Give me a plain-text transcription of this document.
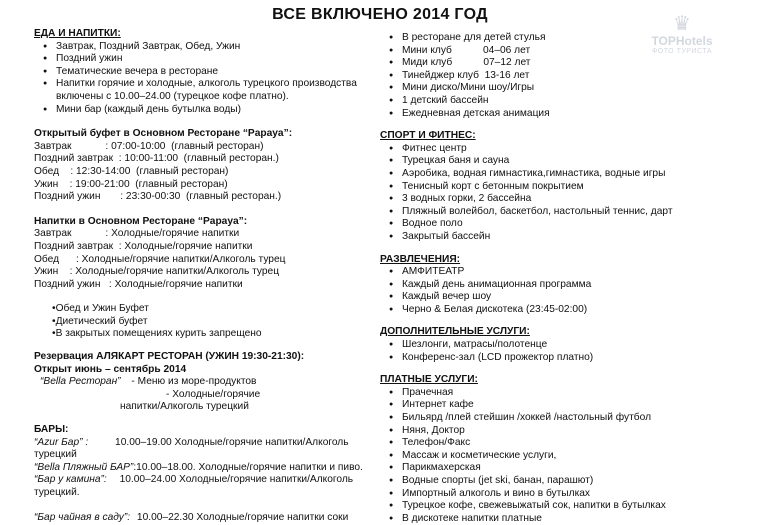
ВСЕ ВКЛЮЧЕНО 2014 ГОД	♛
TOPHotels
ФОТО ТУРИСТА
ЕДА И НАПИТКИ:
● Завтрак, Поздний Завтрак, Обед, Ужин
● Поздний ужин
● Тематические вечера в ресторане
● Напитки горячие и холодные, алкоголь турецкого производства включены с 10.00–24.00 (турецкое кофе платно).
● Мини бар (каждый день бутылка воды)
Открытый буфет в Основном Ресторане “Papaya”:
Завтрак            : 07:00-10:00  (главный ресторан)
Поздний завтрак  : 10:00-11:00  (главный ресторан.)
Обед    : 12:30-14:00  (главный ресторан)
Ужин    : 19:00-21:00  (главный ресторан)
Поздний ужин       : 23:30-00:30  (главный ресторан.)
Напитки в Основном Ресторане “Papaya”:
Завтрак            : Холодные/горячие напитки
Поздний завтрак  : Холодные/горячие напитки
Обед      : Холодные/горячие напитки/Алкоголь турец
Ужин    : Холодные/горячие напитки/Алкоголь турец
Поздний ужин   : Холодные/горячие напитки
•Обед и Ужин Буфет
•Диетический буфет
•В закрытых помещениях курить запрещено
Резервация АЛЯКАРТ РЕСТОРАН (УЖИН 19:30-21:30):
Открыт июнь – сентябрь 2014
“Bella Ресторан” - Меню из море-продуктов
- Холодные/горячие
напитки/Алкоголь турецкий
БАРЫ:
“Azur Бар” :	10.00–19.00 Холодные/горячие напитки/Алкоголь
турецкий
“Bella Пляжный БАР”:10.00–18.00. Холодные/горячие напитки и пиво.
“Бар у камина”: 10.00–24.00 Холодные/горячие напитки/Алкоголь
турецкий.
“Бар чайная в саду”: 10.00–22.30 Холодные/горячие напитки соки
● В ресторане для детей стулья
● Мини клуб           04–06 лет
● Миди клуб           07–12 лет
● Тинейджер клуб  13-16 лет
● Мини диско/Мини шоу/Игры
● 1 детский бассейн
● Ежедневная детская анимация
СПОРТ И ФИТНЕС:
● Фитнес центр
● Турецкая баня и сауна
● Аэробика, водная гимнастика,гимнастика, водные игры
● Тенисный корт с бетонным покрытием
● 3 водных горки, 2 бассейна
● Пляжный волейбол, баскетбол, настольный теннис, дарт
● Водное поло
● Закрытый бассейн
РАЗВЛЕЧЕНИЯ:
● АМФИТЕАТР
● Каждый день анимационная программа
● Каждый вечер шоу
● Черно & Белая дискотека (23:45-02:00)
ДОПОЛНИТЕЛЬНЫЕ УСЛУГИ:
● Шезлонги, матрасы/полотенце
● Конференс-зал (LCD прожектор платно)
ПЛАТНЫЕ УСЛУГИ:
● Прачечная
● Интернет кафе
● Бильярд /плей стейшин /хоккей /настольный футбол
● Няня, Доктор
● Телефон/Факс
● Массаж и косметические услуги,
● Парикмахерская
● Водные спорты (jet ski, банан, парашют)
● Импортный алкоголь и вино в бутылках
● Турецкое кофе, свежевыжатый сок, напитки в бутылках
● В дискотеке напитки платные
